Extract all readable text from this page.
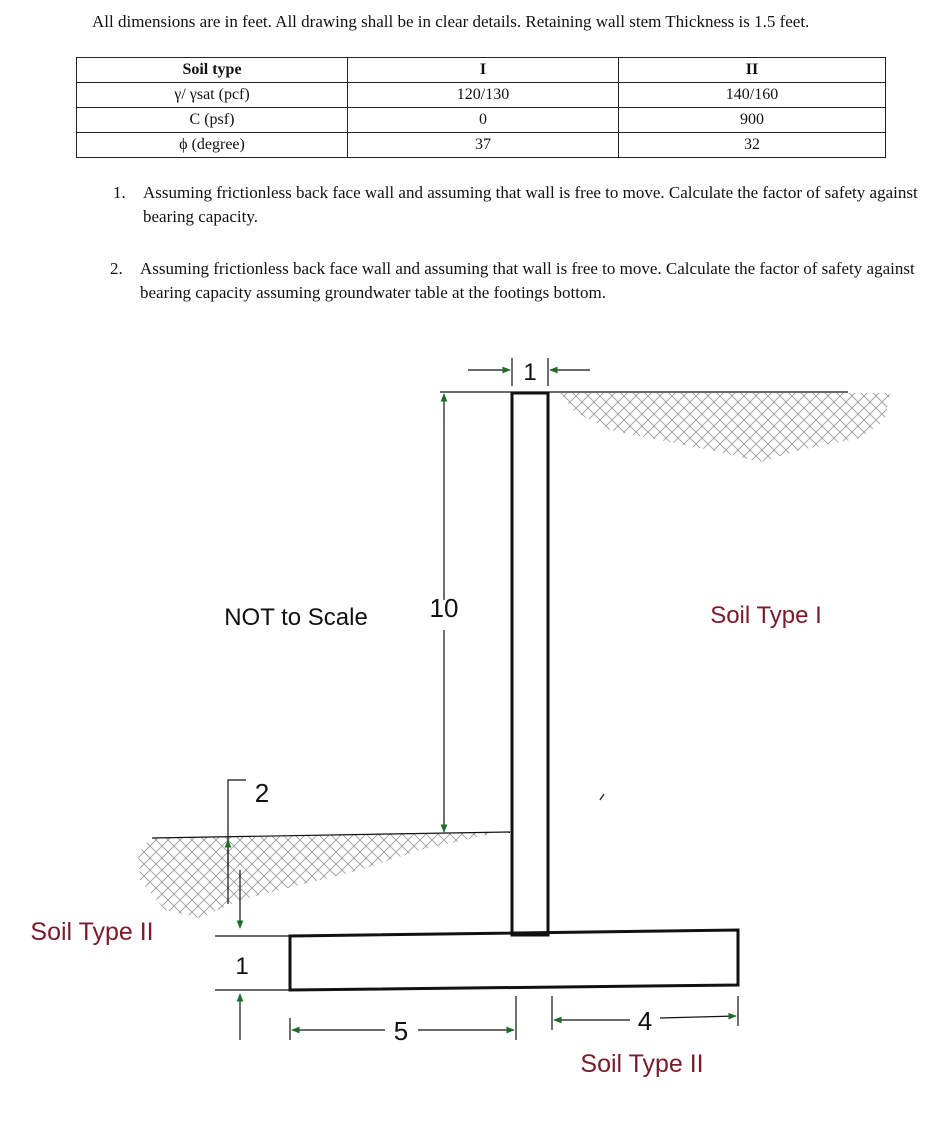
All dimensions are in feet. All drawing shall be in clear details. Retaining wall stem Thickness is 1.5 feet.
Soil type	I	II
γ/ γsat (pcf)	120/130	140/160
C (psf)	0	900
ϕ (degree)	37	32
1. Assuming frictionless back face wall and assuming that wall is free to move. Calculate the factor of safety against bearing capacity.
2. Assuming frictionless back face wall and assuming that wall is free to move. Calculate the factor of safety against bearing capacity assuming groundwater table at the footings bottom.
1
10
2
1
5	4
NOT to Scale	Soil Type I
Soil Type II
Soil Type II
